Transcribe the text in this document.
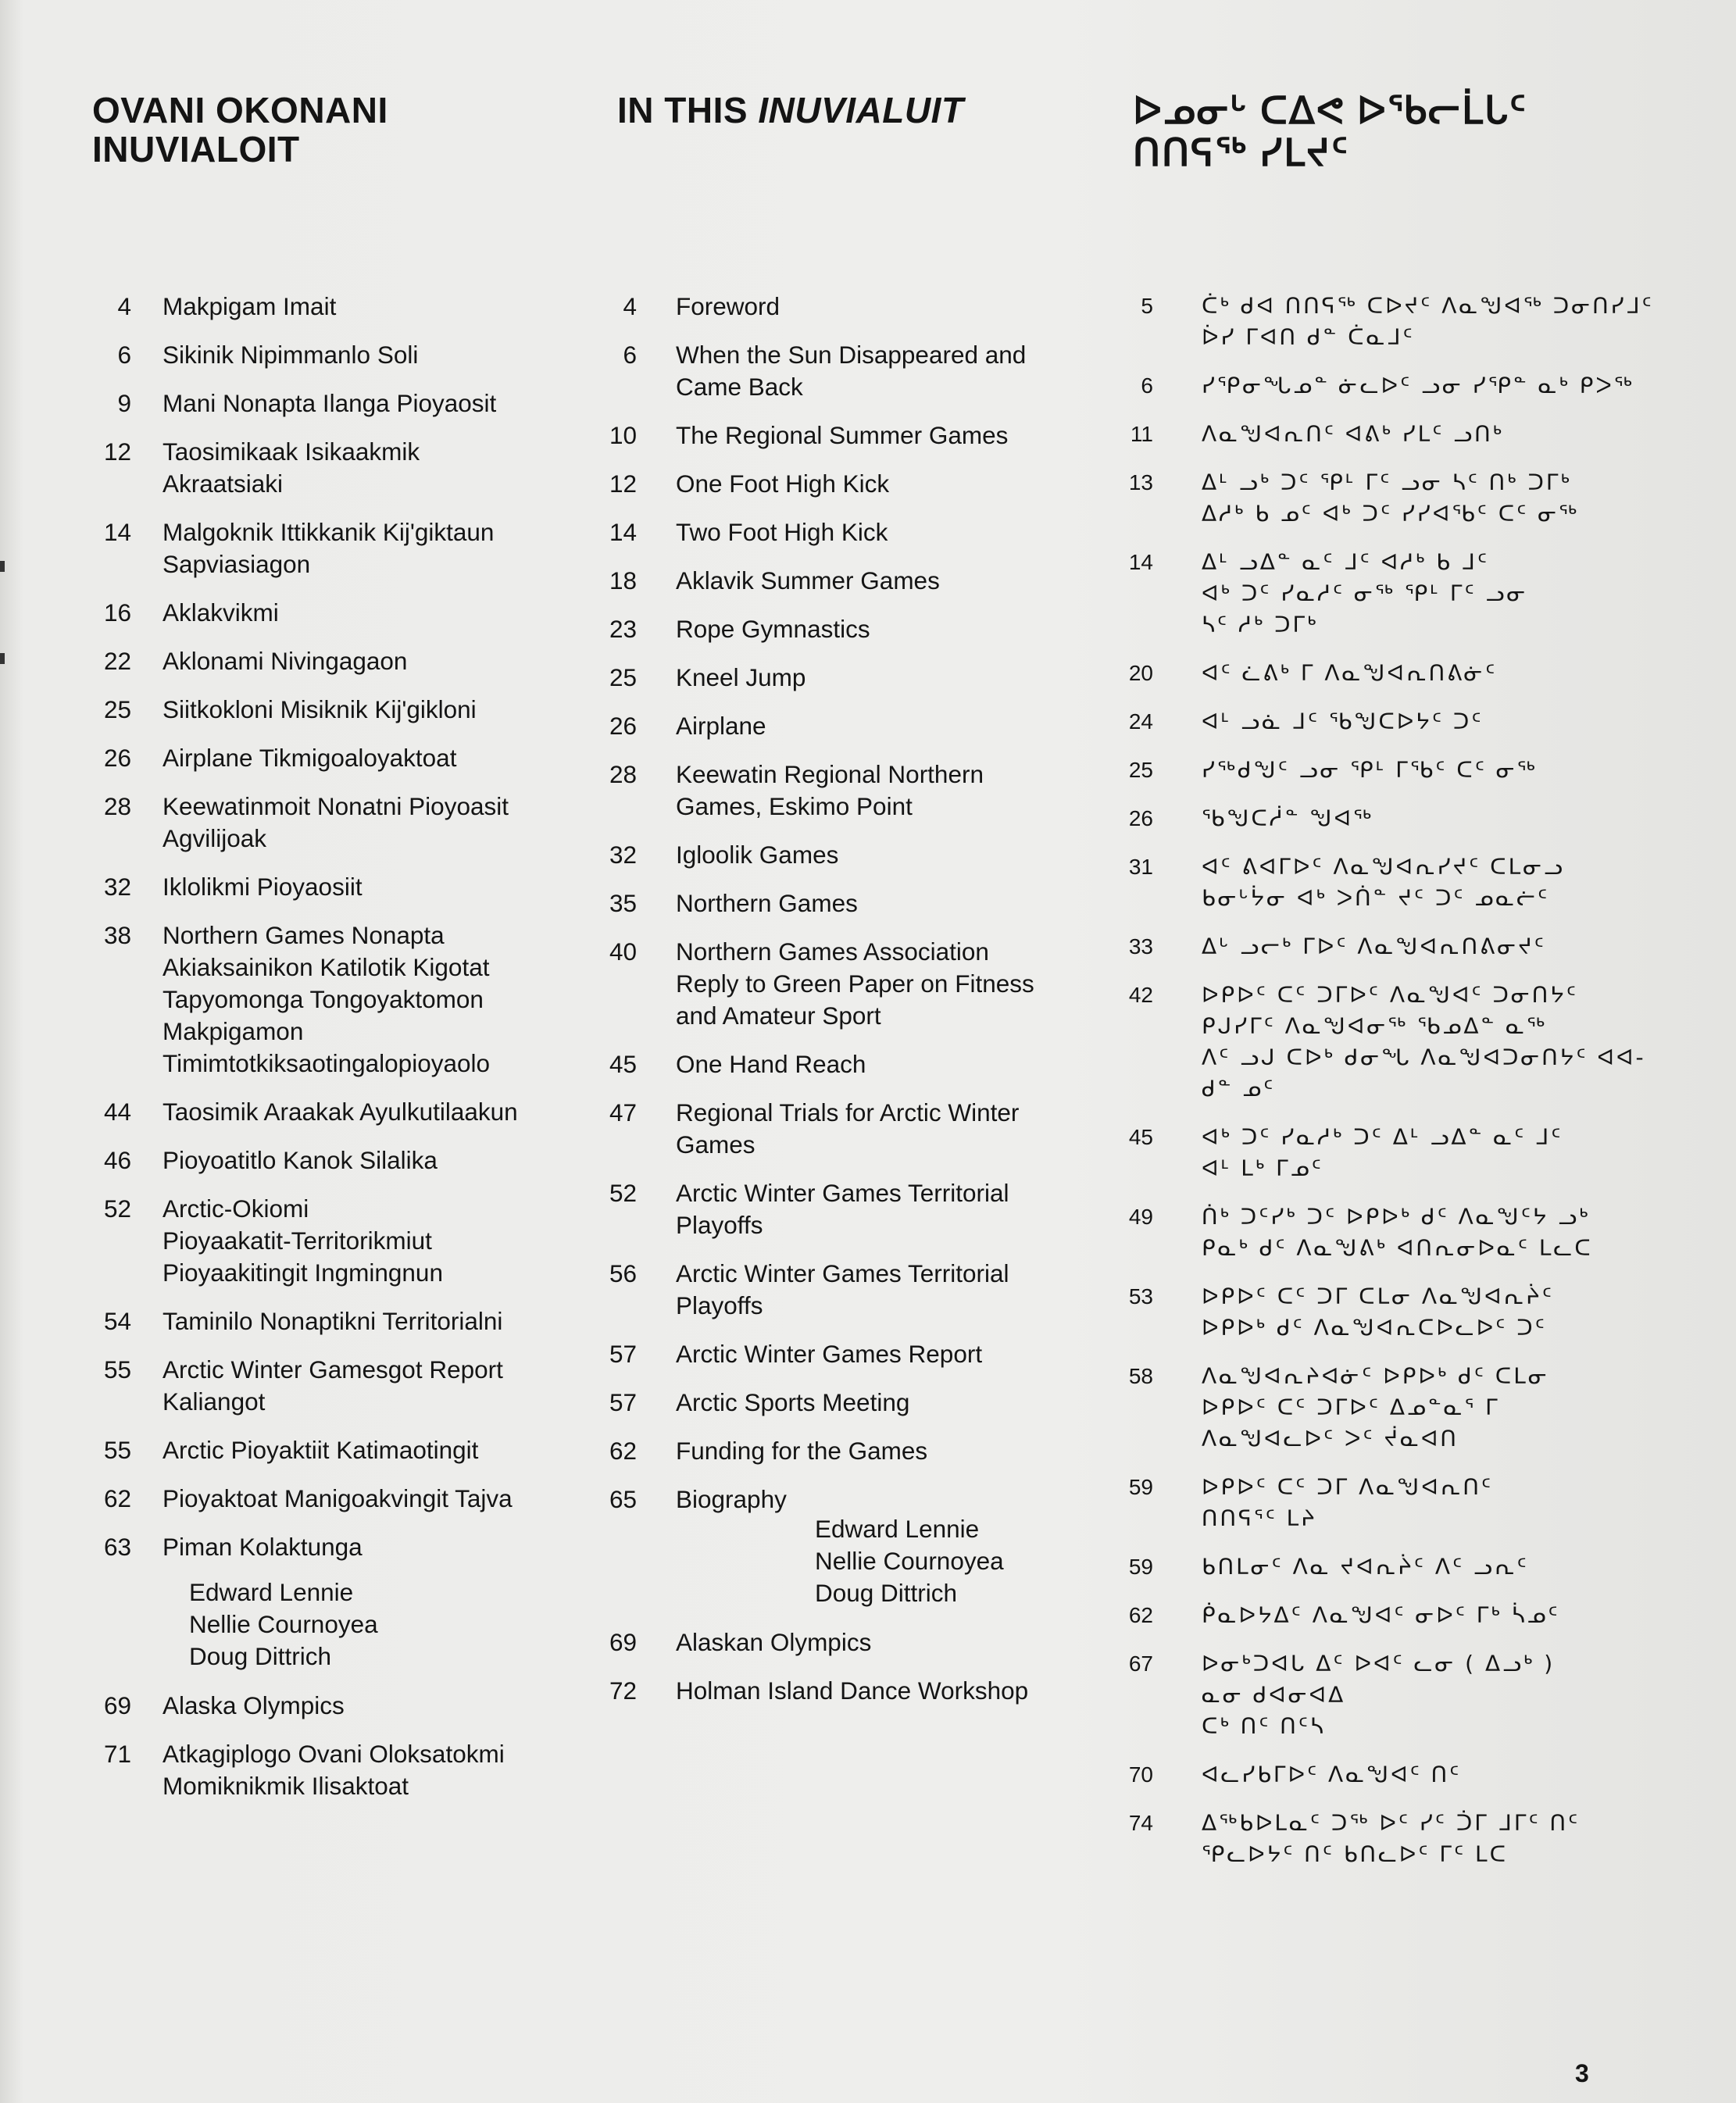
OVANI OKONANI
INUVIALOIT
IN THIS INUVIALUIT	ᐅᓄᓂᒡ ᑕᐃᕙ ᐅᖃᓕᒫᒐᑦ
ᑎᑎᕋᖅ ᓯᒪᔪᑦ
4 Makpigam Imait
6 Sikinik Nipimmanlo Soli
9 Mani Nonapta Ilanga Pioyaosit
12 Taosimikaak Isikaakmik
Akraatsiaki
14 Malgoknik Ittikkanik Kij'giktaun
Sapviasiagon
16 Aklakvikmi
22 Aklonami Nivingagaon
25 Siitkokloni Misiknik Kij'gikloni
26 Airplane Tikmigoaloyaktoat
28 Keewatinmoit Nonatni Pioyoasit
Agvilijoak
32 Iklolikmi Pioyaosiit
38 Northern Games Nonapta
Akiaksainikon Katilotik Kigotat
Tapyomonga Tongoyaktomon
Makpigamon
Timimtotkiksaotingalopioyaolo
44 Taosimik Araakak Ayulkutilaakun
46 Pioyoatitlo Kanok Silalika
52 Arctic-Okiomi
Pioyaakatit-Territorikmiut
Pioyaakitingit Ingmingnun
54 Taminilo Nonaptikni Territorialni
55 Arctic Winter Gamesgot Report
Kaliangot
55 Arctic Pioyaktiit Katimaotingit
62 Pioyaktoat Manigoakvingit Tajva
63 Piman Kolaktunga
Edward Lennie
Nellie Cournoyea
Doug Dittrich
69 Alaska Olympics
71 Atkagiplogo Ovani Oloksatokmi
Momiknikmik Ilisaktoat
4 Foreword
6 When the Sun Disappeared and
Came Back
10 The Regional Summer Games
12 One Foot High Kick
14 Two Foot High Kick
18 Aklavik Summer Games
23 Rope Gymnastics
25 Kneel Jump
26 Airplane
28 Keewatin Regional Northern
Games, Eskimo Point
32 Igloolik Games
35 Northern Games
40 Northern Games Association
Reply to Green Paper on Fitness
and Amateur Sport
45 One Hand Reach
47 Regional Trials for Arctic Winter
Games
52 Arctic Winter Games Territorial
Playoffs
56 Arctic Winter Games Territorial
Playoffs
57 Arctic Winter Games Report
57 Arctic Sports Meeting
62 Funding for the Games
65 Biography
Edward Lennie
Nellie Cournoyea
Doug Dittrich
69 Alaskan Olympics
72 Holman Island Dance Workshop
5 ᑖᒃ ᑯᐊ ᑎᑎᕋᖅ ᑕᐅᔪᑦ ᐱᓇᖑᐊᖅ ᑐᓂᑎᓯᒧᑦ
ᐆᓯ ᒥᐊᑎ ᑯᓐ ᑖᓇᒧᑦ
6 ᓯᕿᓂᖓᓄᓐ ᓃᓚᐅᑦ ᓗᓂ ᓯᕿᓐ ᓇᒃ ᑭᐳᖅ
11 ᐱᓇᖑᐊᕆᑎᑦ ᐊᕕᒃ ᓯᒪᑦ ᓗᑎᒃ
13 ᐃᒻ ᓗᒃ ᑐᑦ ᕿᒻ ᒥᑦ ᓗᓂ ᓴᑦ ᑎᒃ ᑐᒥᒃ
ᐃᓱᒃ ᑲ ᓄᑦ ᐊᒃ ᑐᑦ ᓯᓯᐊᖃᑦ ᑕᑦ ᓂᖅ
14 ᐃᒻ ᓗᐃᓐ ᓇᑦ ᒧᑦ ᐊᓱᒃ ᑲ ᒧᑦ
ᐊᒃ ᑐᑦ ᓯᓇᓱᑦ ᓂᖅ ᕿᒻ ᒥᑦ ᓗᓂ
ᓴᑦ ᓱᒃ ᑐᒥᒃ
20 ᐊᑦ ᓛᕕᒃ ᒥ ᐱᓇᖑᐊᕆᑎᕕᓃᑦ
24 ᐊᒻ ᓗᓈ ᒧᑦ ᖃᖑᑕᐅᔭᑦ ᑐᑦ
25 ᓯᖅᑯᖑᑦ ᓗᓂ ᕿᒻ ᒥᖃᑦ ᑕᑦ ᓂᖅ
26 ᖃᖑᑕᓲᓐ ᖑᐊᖅ
31 ᐊᑦ ᕕᐊᒥᐅᑦ ᐱᓇᖑᐊᕆᓯᔪᑦ ᑕᒪᓂᓗ
ᑲᓂᒡᔮᓂ ᐊᒃ ᐳᑏᓐ ᔪᑦ ᑐᑦ ᓄᓇᓖᑦ
33 ᐃᒡ ᓗᓕᒃ ᒥᐅᑦ ᐱᓇᖑᐊᕆᑎᕕᓂᔪᑦ
42 ᐅᑭᐅᑦ ᑕᑦ ᑐᒥᐅᑦ ᐱᓇᖑᐊᑦ ᑐᓂᑎᔭᑦ
ᑭᒍᓯᒥᑦ ᐱᓇᖑᐊᓂᖅ ᖃᓄᐃᓐ ᓇᖅ
ᐱᑦ ᓗᒍ ᑕᐅᒃ ᑯᓂᖓ ᐱᓇᖑᐊᑐᓂᑎᔭᑦ ᐊᐊ-
ᑯᓐ ᓄᑦ
45 ᐊᒃ ᑐᑦ ᓯᓇᓱᒃ ᑐᑦ ᐃᒻ ᓗᐃᓐ ᓇᑦ ᒧᑦ
ᐊᒻ ᒪᒃ ᒥᓄᑦ
49 ᑏᒃ ᑐᑦᓯᒃ ᑐᑦ ᐅᑭᐅᒃ ᑯᑦ ᐱᓇᖑᑦᔭ ᓗᒃ
ᑭᓇᒃ ᑯᑦ ᐱᓇᖑᕕᒃ ᐊᑎᕆᓂᐅᓇᑦ ᒪᓚᑕ
53 ᐅᑭᐅᑦ ᑕᑦ ᑐᒥ ᑕᒪᓂ ᐱᓇᖑᐊᕆᔩᑦ
ᐅᑭᐅᒃ ᑯᑦ ᐱᓇᖑᐊᕆᑕᐅᓚᐅᑦ ᑐᑦ
58 ᐱᓇᖑᐊᕆᔨᐊᓃᑦ ᐅᑭᐅᒃ ᑯᑦ ᑕᒪᓂ
ᐅᑭᐅᑦ ᑕᑦ ᑐᒥᐅᑦ ᐃᓄᓐᓇᕐ ᒥ
ᐱᓇᖑᐊᓚᐅᑦ ᐳᑦ ᔫᓇᐊᑎ
59 ᐅᑭᐅᑦ ᑕᑦ ᑐᒥ ᐱᓇᖑᐊᕆᑎᑦ
ᑎᑎᕋᕐᑦ ᒪᔨ
59 ᑲᑎᒪᓂᑦ ᐱᓇ ᔪᐊᕆᔩᑦ ᐱᑦ ᓗᕆᑦ
62 ᑮᓇᐅᔭᐃᑦ ᐱᓇᖑᐊᑦ ᓂᐅᑦ ᒥᒃ ᓵᓄᑦ
67 ᐅᓂᒃᑐᐊᒐ ᐃᑦ ᐅᐊᑦ ᓚᓂ ( ᐃᓗᒃ )
ᓇᓂ ᑯᐊᓂᐊᐃ
ᑕᒃ ᑎᑦ ᑎᑦᓴ
70 ᐊᓚᓯᑲᒥᐅᑦ ᐱᓇᖑᐊᑦ ᑎᑦ
74 ᐃᖅᑲᐅᒪᓇᑦ ᑐᖅ ᐅᑦ ᓯᑦ ᑑᒥ ᒧᒥᑦ ᑎᑦ
ᕿᓚᐅᔭᑦ ᑎᑦ ᑲᑎᓚᐅᑦ ᒥᑦ ᒪᑕ
3
